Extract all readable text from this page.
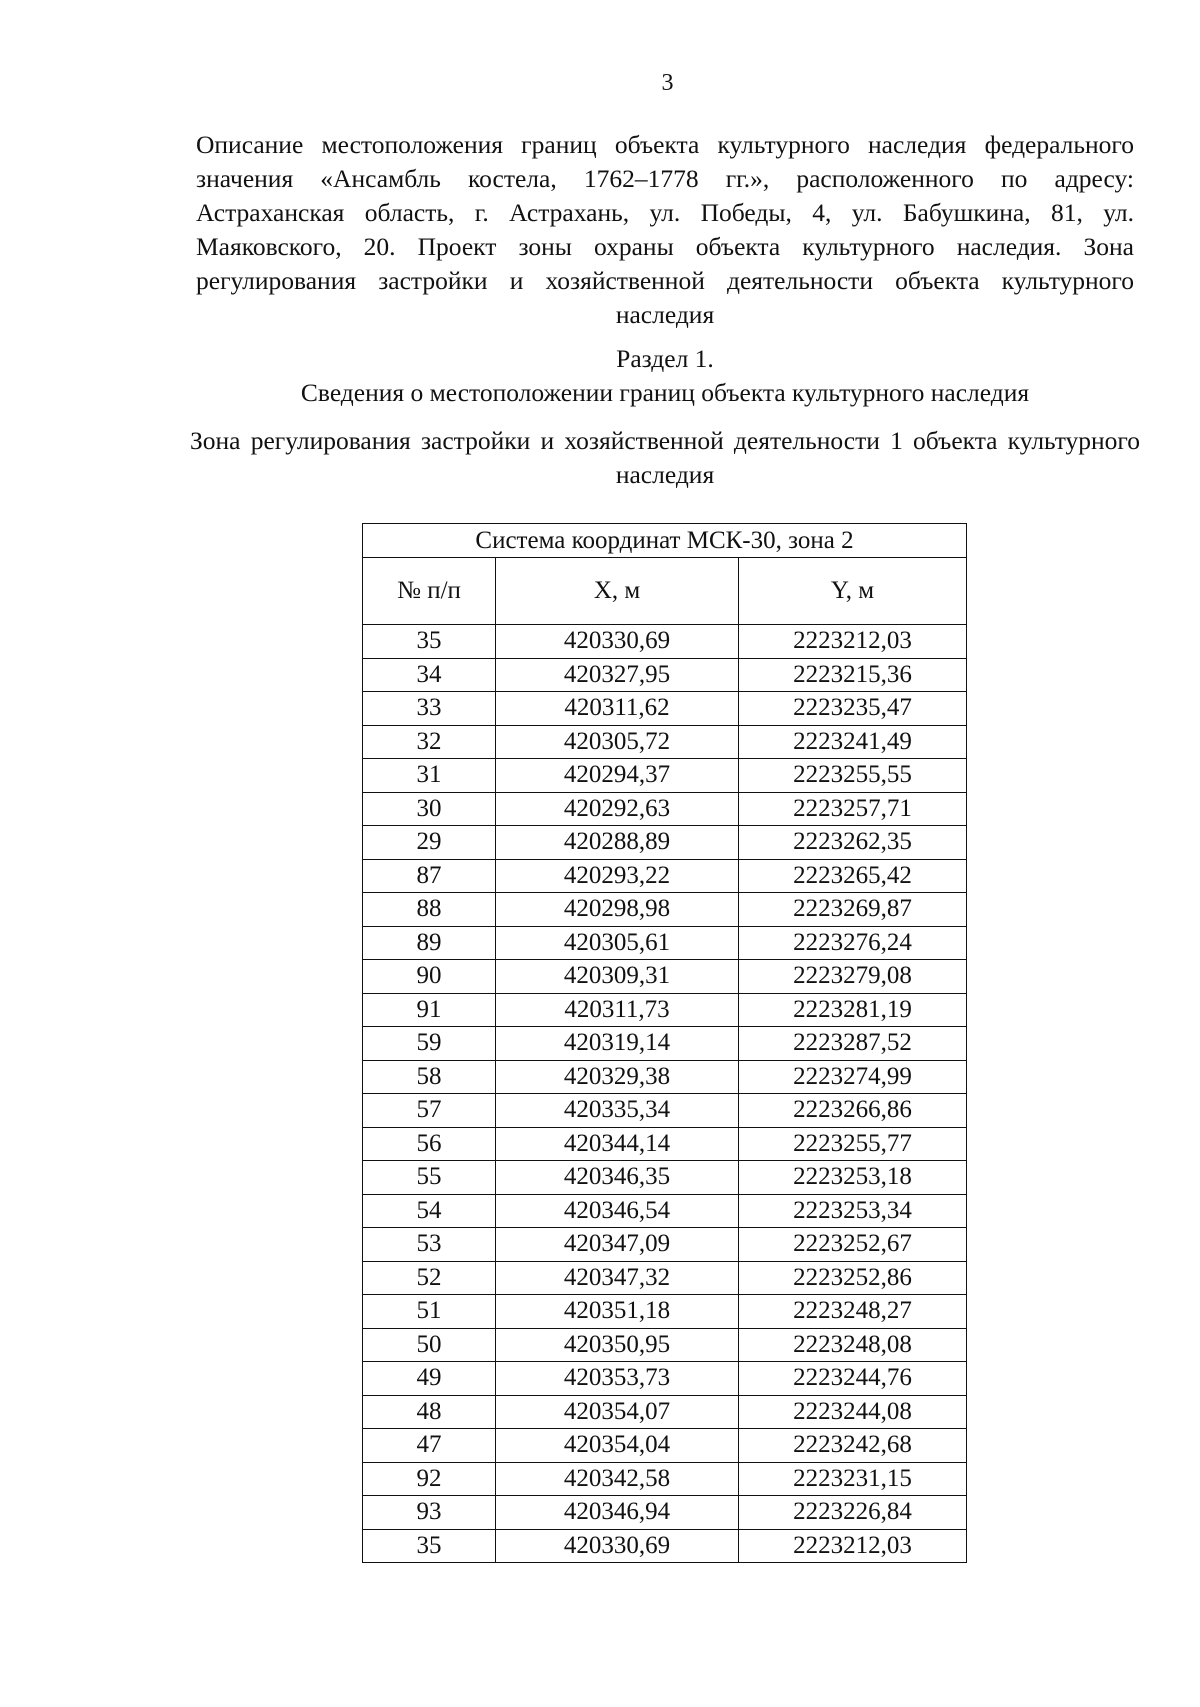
3
Описание местоположения границ объекта культурного наследия федерального значения «Ансамбль костела, 1762–1778 гг.», расположенного по адресу: Астраханская область, г. Астрахань, ул. Победы, 4, ул. Бабушкина, 81, ул. Маяковского, 20. Проект зоны охраны объекта культурного наследия. Зона регулирования застройки и хозяйственной деятельности объекта культурного наследия
Раздел 1.
Сведения о местоположении границ объекта культурного наследия
Зона регулирования застройки и хозяйственной деятельности 1 объекта культурного наследия
Система координат МСК-30, зона 2		
№ п/п	X, м	Y, м
35	420330,69	2223212,03
34	420327,95	2223215,36
33	420311,62	2223235,47
32	420305,72	2223241,49
31	420294,37	2223255,55
30	420292,63	2223257,71
29	420288,89	2223262,35
87	420293,22	2223265,42
88	420298,98	2223269,87
89	420305,61	2223276,24
90	420309,31	2223279,08
91	420311,73	2223281,19
59	420319,14	2223287,52
58	420329,38	2223274,99
57	420335,34	2223266,86
56	420344,14	2223255,77
55	420346,35	2223253,18
54	420346,54	2223253,34
53	420347,09	2223252,67
52	420347,32	2223252,86
51	420351,18	2223248,27
50	420350,95	2223248,08
49	420353,73	2223244,76
48	420354,07	2223244,08
47	420354,04	2223242,68
92	420342,58	2223231,15
93	420346,94	2223226,84
35	420330,69	2223212,03
